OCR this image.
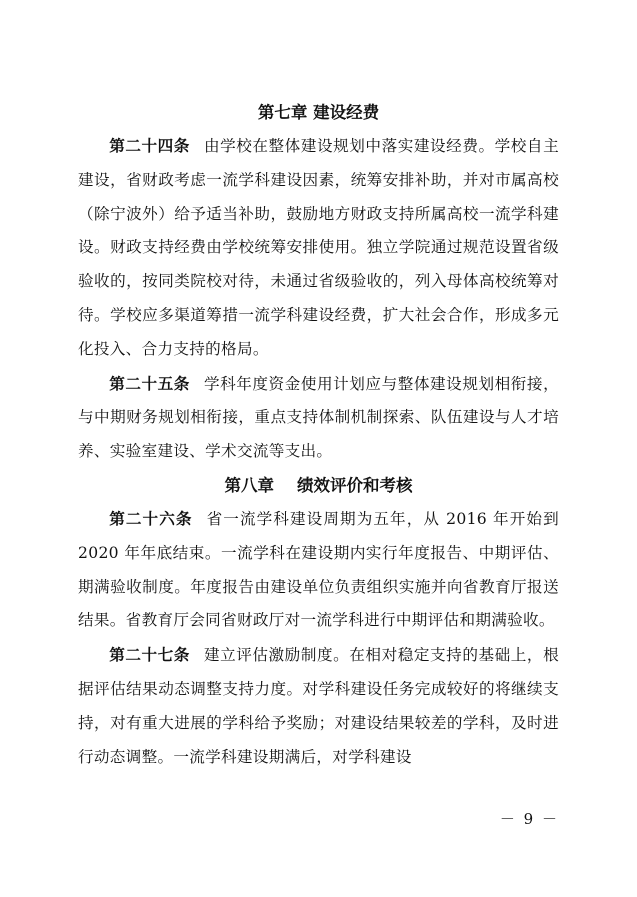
第七章 建设经费

第二十四条 由学校在整体建设规划中落实建设经费。学校自主建设，省财政考虑一流学科建设因素，统筹安排补助，并对市属高校（除宁波外）给予适当补助，鼓励地方财政支持所属高校一流学科建设。财政支持经费由学校统筹安排使用。独立学院通过规范设置省级验收的，按同类院校对待，未通过省级验收的，列入母体高校统筹对待。学校应多渠道筹措一流学科建设经费，扩大社会合作，形成多元化投入、合力支持的格局。

第二十五条 学科年度资金使用计划应与整体建设规划相衔接，与中期财务规划相衔接，重点支持体制机制探索、队伍建设与人才培养、实验室建设、学术交流等支出。

第八章    绩效评价和考核

第二十六条 省一流学科建设周期为五年，从 2016 年开始到 2020 年年底结束。一流学科在建设期内实行年度报告、中期评估、期满验收制度。年度报告由建设单位负责组织实施并向省教育厅报送结果。省教育厅会同省财政厅对一流学科进行中期评估和期满验收。

第二十七条 建立评估激励制度。在相对稳定支持的基础上，根据评估结果动态调整支持力度。对学科建设任务完成较好的将继续支持，对有重大进展的学科给予奖励；对建设结果较差的学科，及时进行动态调整。一流学科建设期满后，对学科建设

－ 9 －
